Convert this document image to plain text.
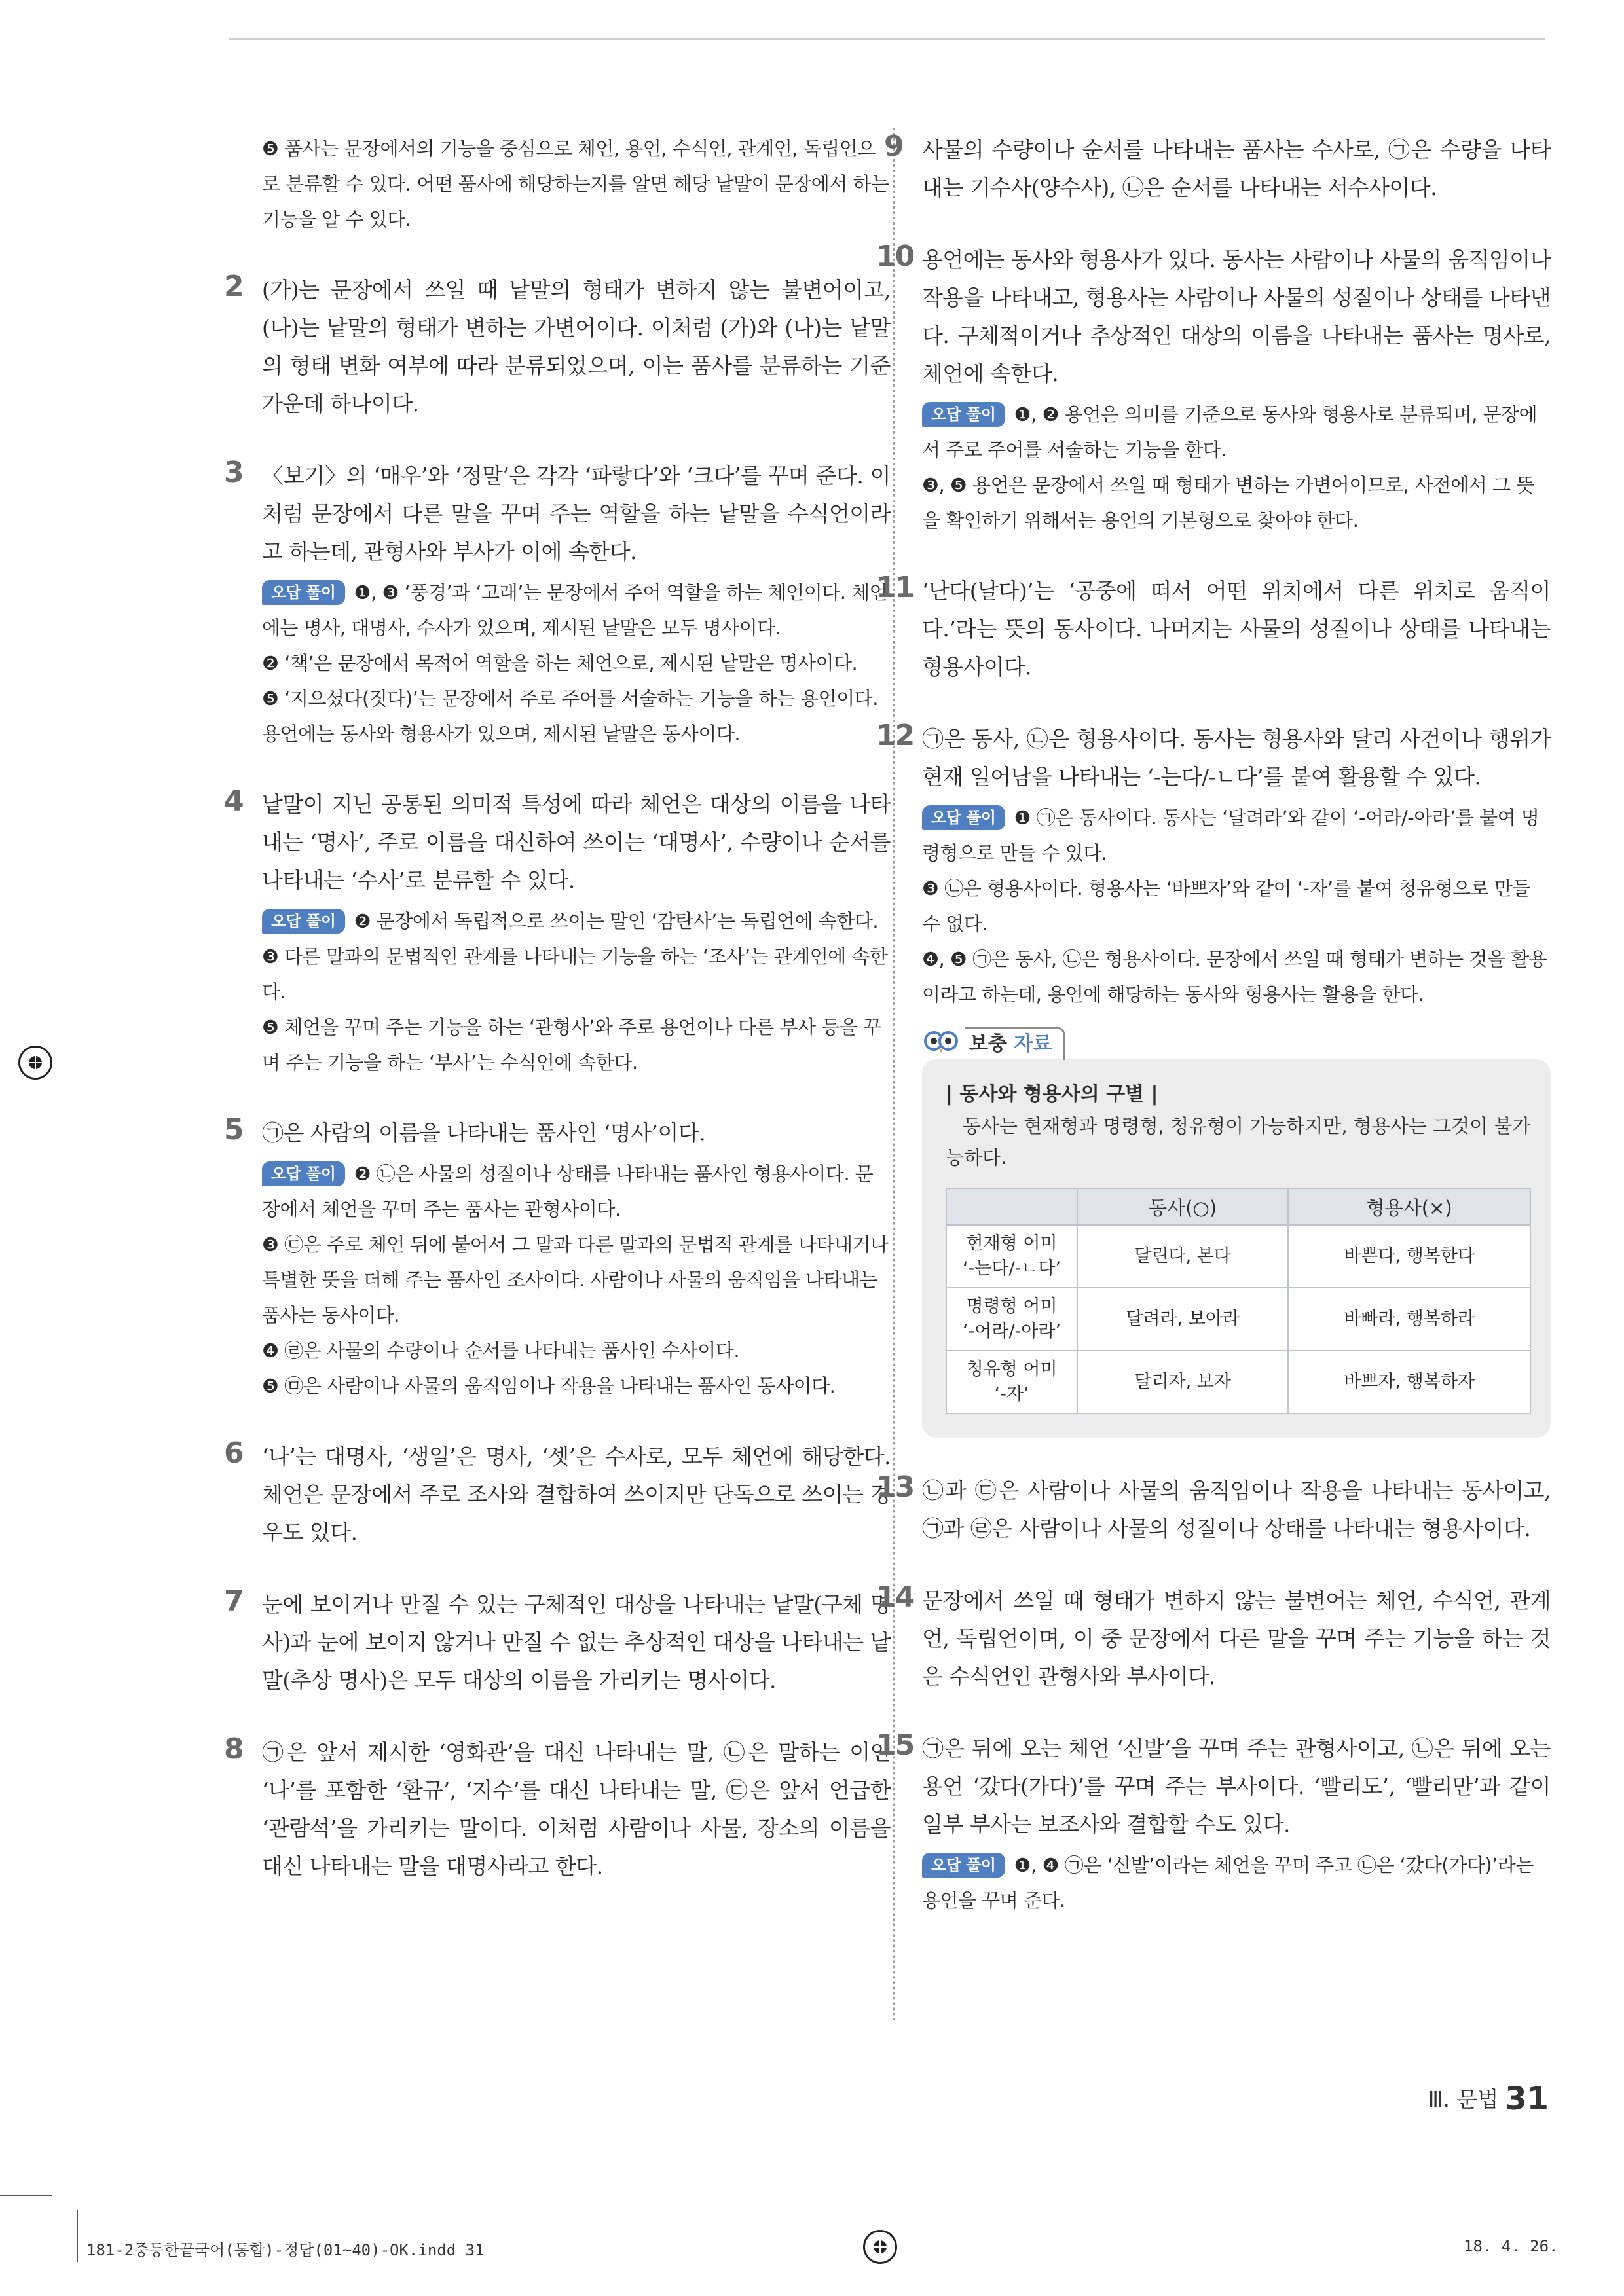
❺ 품사는 문장에서의 기능을 중심으로 체언, 용언, 수식언, 관계언, 독립언으로 분류할 수 있다. 어떤 품사에 해당하는지를 알면 해당 낱말이 문장에서 하는 기능을 알 수 있다.

2 (가)는 문장에서 쓰일 때 낱말의 형태가 변하지 않는 불변어이고, (나)는 낱말의 형태가 변하는 가변어이다. 이처럼 (가)와 (나)는 낱말의 형태 변화 여부에 따라 분류되었으며, 이는 품사를 분류하는 기준 가운데 하나이다.

3 〈보기〉의 ‘매우’와 ‘정말’은 각각 ‘파랗다’와 ‘크다’를 꾸며 준다. 이처럼 문장에서 다른 말을 꾸며 주는 역할을 하는 낱말을 수식언이라고 하는데, 관형사와 부사가 이에 속한다.

오답 풀이 ❶, ❸ ‘풍경’과 ‘고래’는 문장에서 주어 역할을 하는 체언이다. 체언에는 명사, 대명사, 수사가 있으며, 제시된 낱말은 모두 명사이다.

❷ ‘책’은 문장에서 목적어 역할을 하는 체언으로, 제시된 낱말은 명사이다.

❺ ‘지으셨다(짓다)’는 문장에서 주로 주어를 서술하는 기능을 하는 용언이다. 용언에는 동사와 형용사가 있으며, 제시된 낱말은 동사이다.

4 낱말이 지닌 공통된 의미적 특성에 따라 체언은 대상의 이름을 나타내는 ‘명사’, 주로 이름을 대신하여 쓰이는 ‘대명사’, 수량이나 순서를 나타내는 ‘수사’로 분류할 수 있다.

오답 풀이 ❷ 문장에서 독립적으로 쓰이는 말인 ‘감탄사’는 독립언에 속한다.

❸ 다른 말과의 문법적인 관계를 나타내는 기능을 하는 ‘조사’는 관계언에 속한다.

❺ 체언을 꾸며 주는 기능을 하는 ‘관형사’와 주로 용언이나 다른 부사 등을 꾸며 주는 기능을 하는 ‘부사’는 수식언에 속한다.

5 ㉠은 사람의 이름을 나타내는 품사인 ‘명사’이다.

오답 풀이 ❷ ㉡은 사물의 성질이나 상태를 나타내는 품사인 형용사이다. 문장에서 체언을 꾸며 주는 품사는 관형사이다.

❸ ㉢은 주로 체언 뒤에 붙어서 그 말과 다른 말과의 문법적 관계를 나타내거나 특별한 뜻을 더해 주는 품사인 조사이다. 사람이나 사물의 움직임을 나타내는 품사는 동사이다.

❹ ㉣은 사물의 수량이나 순서를 나타내는 품사인 수사이다.

❺ ㉤은 사람이나 사물의 움직임이나 작용을 나타내는 품사인 동사이다.

6 ‘나’는 대명사, ‘생일’은 명사, ‘셋’은 수사로, 모두 체언에 해당한다. 체언은 문장에서 주로 조사와 결합하여 쓰이지만 단독으로 쓰이는 경우도 있다.

7 눈에 보이거나 만질 수 있는 구체적인 대상을 나타내는 낱말(구체 명사)과 눈에 보이지 않거나 만질 수 없는 추상적인 대상을 나타내는 낱말(추상 명사)은 모두 대상의 이름을 가리키는 명사이다.

8 ㉠은 앞서 제시한 ‘영화관’을 대신 나타내는 말, ㉡은 말하는 이인 ‘나’를 포함한 ‘환규’, ‘지수’를 대신 나타내는 말, ㉢은 앞서 언급한 ‘관람석’을 가리키는 말이다. 이처럼 사람이나 사물, 장소의 이름을 대신 나타내는 말을 대명사라고 한다.

9 사물의 수량이나 순서를 나타내는 품사는 수사로, ㉠은 수량을 나타내는 기수사(양수사), ㉡은 순서를 나타내는 서수사이다.

10 용언에는 동사와 형용사가 있다. 동사는 사람이나 사물의 움직임이나 작용을 나타내고, 형용사는 사람이나 사물의 성질이나 상태를 나타낸다. 구체적이거나 추상적인 대상의 이름을 나타내는 품사는 명사로, 체언에 속한다.

오답 풀이 ❶, ❷ 용언은 의미를 기준으로 동사와 형용사로 분류되며, 문장에서 주로 주어를 서술하는 기능을 한다.

❸, ❺ 용언은 문장에서 쓰일 때 형태가 변하는 가변어이므로, 사전에서 그 뜻을 확인하기 위해서는 용언의 기본형으로 찾아야 한다.

11 ‘난다(날다)’는 ‘공중에 떠서 어떤 위치에서 다른 위치로 움직이다.’라는 뜻의 동사이다. 나머지는 사물의 성질이나 상태를 나타내는 형용사이다.

12 ㉠은 동사, ㉡은 형용사이다. 동사는 형용사와 달리 사건이나 행위가 현재 일어남을 나타내는 ‘-는다/-ㄴ다’를 붙여 활용할 수 있다.

오답 풀이 ❶ ㉠은 동사이다. 동사는 ‘달려라’와 같이 ‘-어라/-아라’를 붙여 명령형으로 만들 수 있다.

❸ ㉡은 형용사이다. 형용사는 ‘바쁘자’와 같이 ‘-자’를 붙여 청유형으로 만들 수 없다.

❹, ❺ ㉠은 동사, ㉡은 형용사이다. 문장에서 쓰일 때 형태가 변하는 것을 활용이라고 하는데, 용언에 해당하는 동사와 형용사는 활용을 한다.

보충 자료

| 동사와 형용사의 구별 |

동사는 현재형과 명령형, 청유형이 가능하지만, 형용사는 그것이 불가능하다.

	동사(○)	형용사(×)
현재형 어미
‘-는다/-ㄴ다’	달린다, 본다	바쁜다, 행복한다
명령형 어미
‘-어라/-아라’	달려라, 보아라	바빠라, 행복하라
청유형 어미
‘-자’	달리자, 보자	바쁘자, 행복하자
13 ㉡과 ㉢은 사람이나 사물의 움직임이나 작용을 나타내는 동사이고, ㉠과 ㉣은 사람이나 사물의 성질이나 상태를 나타내는 형용사이다.

14 문장에서 쓰일 때 형태가 변하지 않는 불변어는 체언, 수식언, 관계언, 독립언이며, 이 중 문장에서 다른 말을 꾸며 주는 기능을 하는 것은 수식언인 관형사와 부사이다.

15 ㉠은 뒤에 오는 체언 ‘신발’을 꾸며 주는 관형사이고, ㉡은 뒤에 오는 용언 ‘갔다(가다)’를 꾸며 주는 부사이다. ‘빨리도’, ‘빨리만’과 같이 일부 부사는 보조사와 결합할 수도 있다.

오답 풀이 ❶, ❹ ㉠은 ‘신발’이라는 체언을 꾸며 주고 ㉡은 ‘갔다(가다)’라는 용언을 꾸며 준다.

Ⅲ. 문법 31
181-2중등한끝국어(통합)-정답(01~40)-OK.indd 31	18. 4. 26.
